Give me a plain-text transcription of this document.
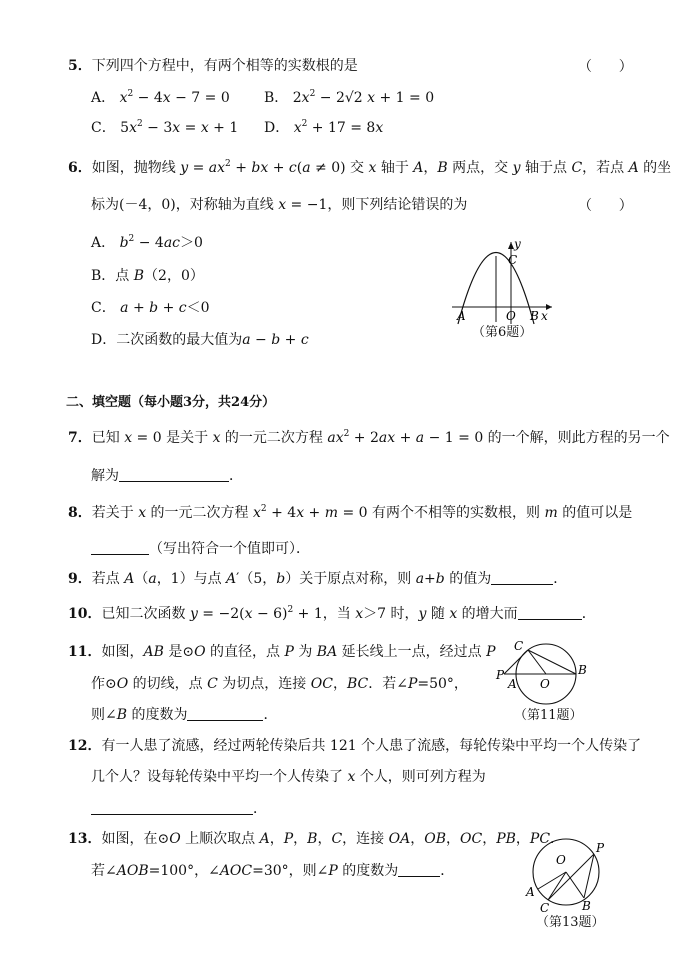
5．下列四个方程中，有两个相等的实数根的是	（      ）
A． $x^2 - 4x - 7 = 0$ B． $2x^2 - 2√2$ x + 1 = 0
C． $5x^2 - 3x = x + 1$ D． $x^2 + 17 = 8x$
6．如图，抛物线 $y = ax^2$ + bx + c(a ≠ 0) 交 x 轴于 A，B 两点，交 y 轴于点 C，若点 A 的坐
标为(－4，0)，对称轴为直线 x = −1，则下列结论错误的为	（      ）
A． $b^2 - 4ac>0$
B．点 B（2，0）
C． a + b + c＜0
D．二次函数的最大值为a − b + c
y
C
A	O B x
（第6题）
二、填空题（每小题3分，共24分）
7．已知 x = 0 是关于 x 的一元二次方程 $ax^2 + 2ax + a - 1 = 0$ 的一个解，则此方程的另一个
解为	．
8．若关于 x 的一元二次方程 $x^2 + 4x + m = 0$ 有两个不相等的实数根，则 m 的值可以是
（写出符合一个值即可）．
9．若点 A（a，1）与点 A′（5，b）关于原点对称，则 a+b 的值为	．
10．已知二次函数 $y = -2(x - 6)^2 + 1$，当 x＞7 时，y 随 x 的增大而	．
11．如图，AB 是⊙O 的直径，点 P 为 BA 延长线上一点，经过点 P
作⊙O 的切线，点 C 为切点，连接 OC，BC．若∠P=50°，
则∠B 的度数为	．
C
P
A O
B
（第11题）
12．有一人患了流感，经过两轮传染后共 121 个人患了流感，每轮传染中平均一个人传染了
几个人？设每轮传染中平均一个人传染了 x 个人，则可列方程为
．
13．如图，在⊙O 上顺次取点 A，P，B，C，连接 OA，OB，OC，PB，PC．
若∠AOB=100°，∠AOC=30°，则∠P 的度数为	．
O
P
A
C	B
（第13题）
